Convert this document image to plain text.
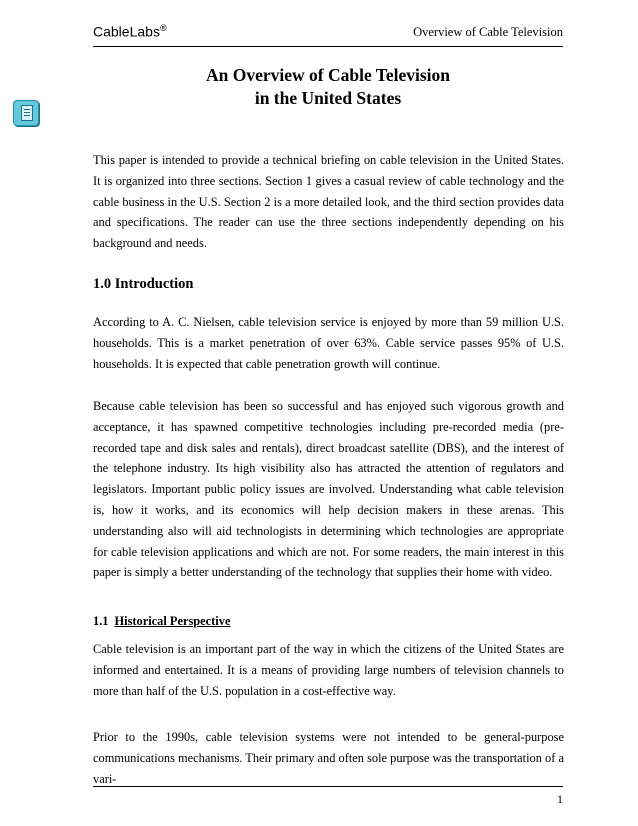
CableLabs®	Overview of Cable Television
An Overview of Cable Television
in the United States

This paper is intended to provide a technical briefing on cable television in the United States. It is organized into three sections. Section 1 gives a casual review of cable technology and the cable business in the U.S. Section 2 is a more detailed look, and the third section provides data and specifications. The reader can use the three sections independently depending on his background and needs.

1.0 Introduction

According to A. C. Nielsen, cable television service is enjoyed by more than 59 million U.S. households. This is a market penetration of over 63%. Cable service passes 95% of U.S. households. It is expected that cable penetration growth will continue.

Because cable television has been so successful and has enjoyed such vigorous growth and acceptance, it has spawned competitive technologies including pre-recorded media (pre-recorded tape and disk sales and rentals), direct broadcast satellite (DBS), and the interest of the telephone industry. Its high visibility also has attracted the attention of regulators and legislators. Important public policy issues are involved. Understanding what cable television is, how it works, and its economics will help decision makers in these arenas. This understanding also will aid technologists in determining which technologies are appropriate for cable television applications and which are not. For some readers, the main interest in this paper is simply a better understanding of the technology that supplies their home with video.

1.1 Historical Perspective

Cable television is an important part of the way in which the citizens of the United States are informed and entertained. It is a means of providing large numbers of television channels to more than half of the U.S. population in a cost-effective way.

Prior to the 1990s, cable television systems were not intended to be general-purpose communications mechanisms. Their primary and often sole purpose was the transportation of a vari-

1
